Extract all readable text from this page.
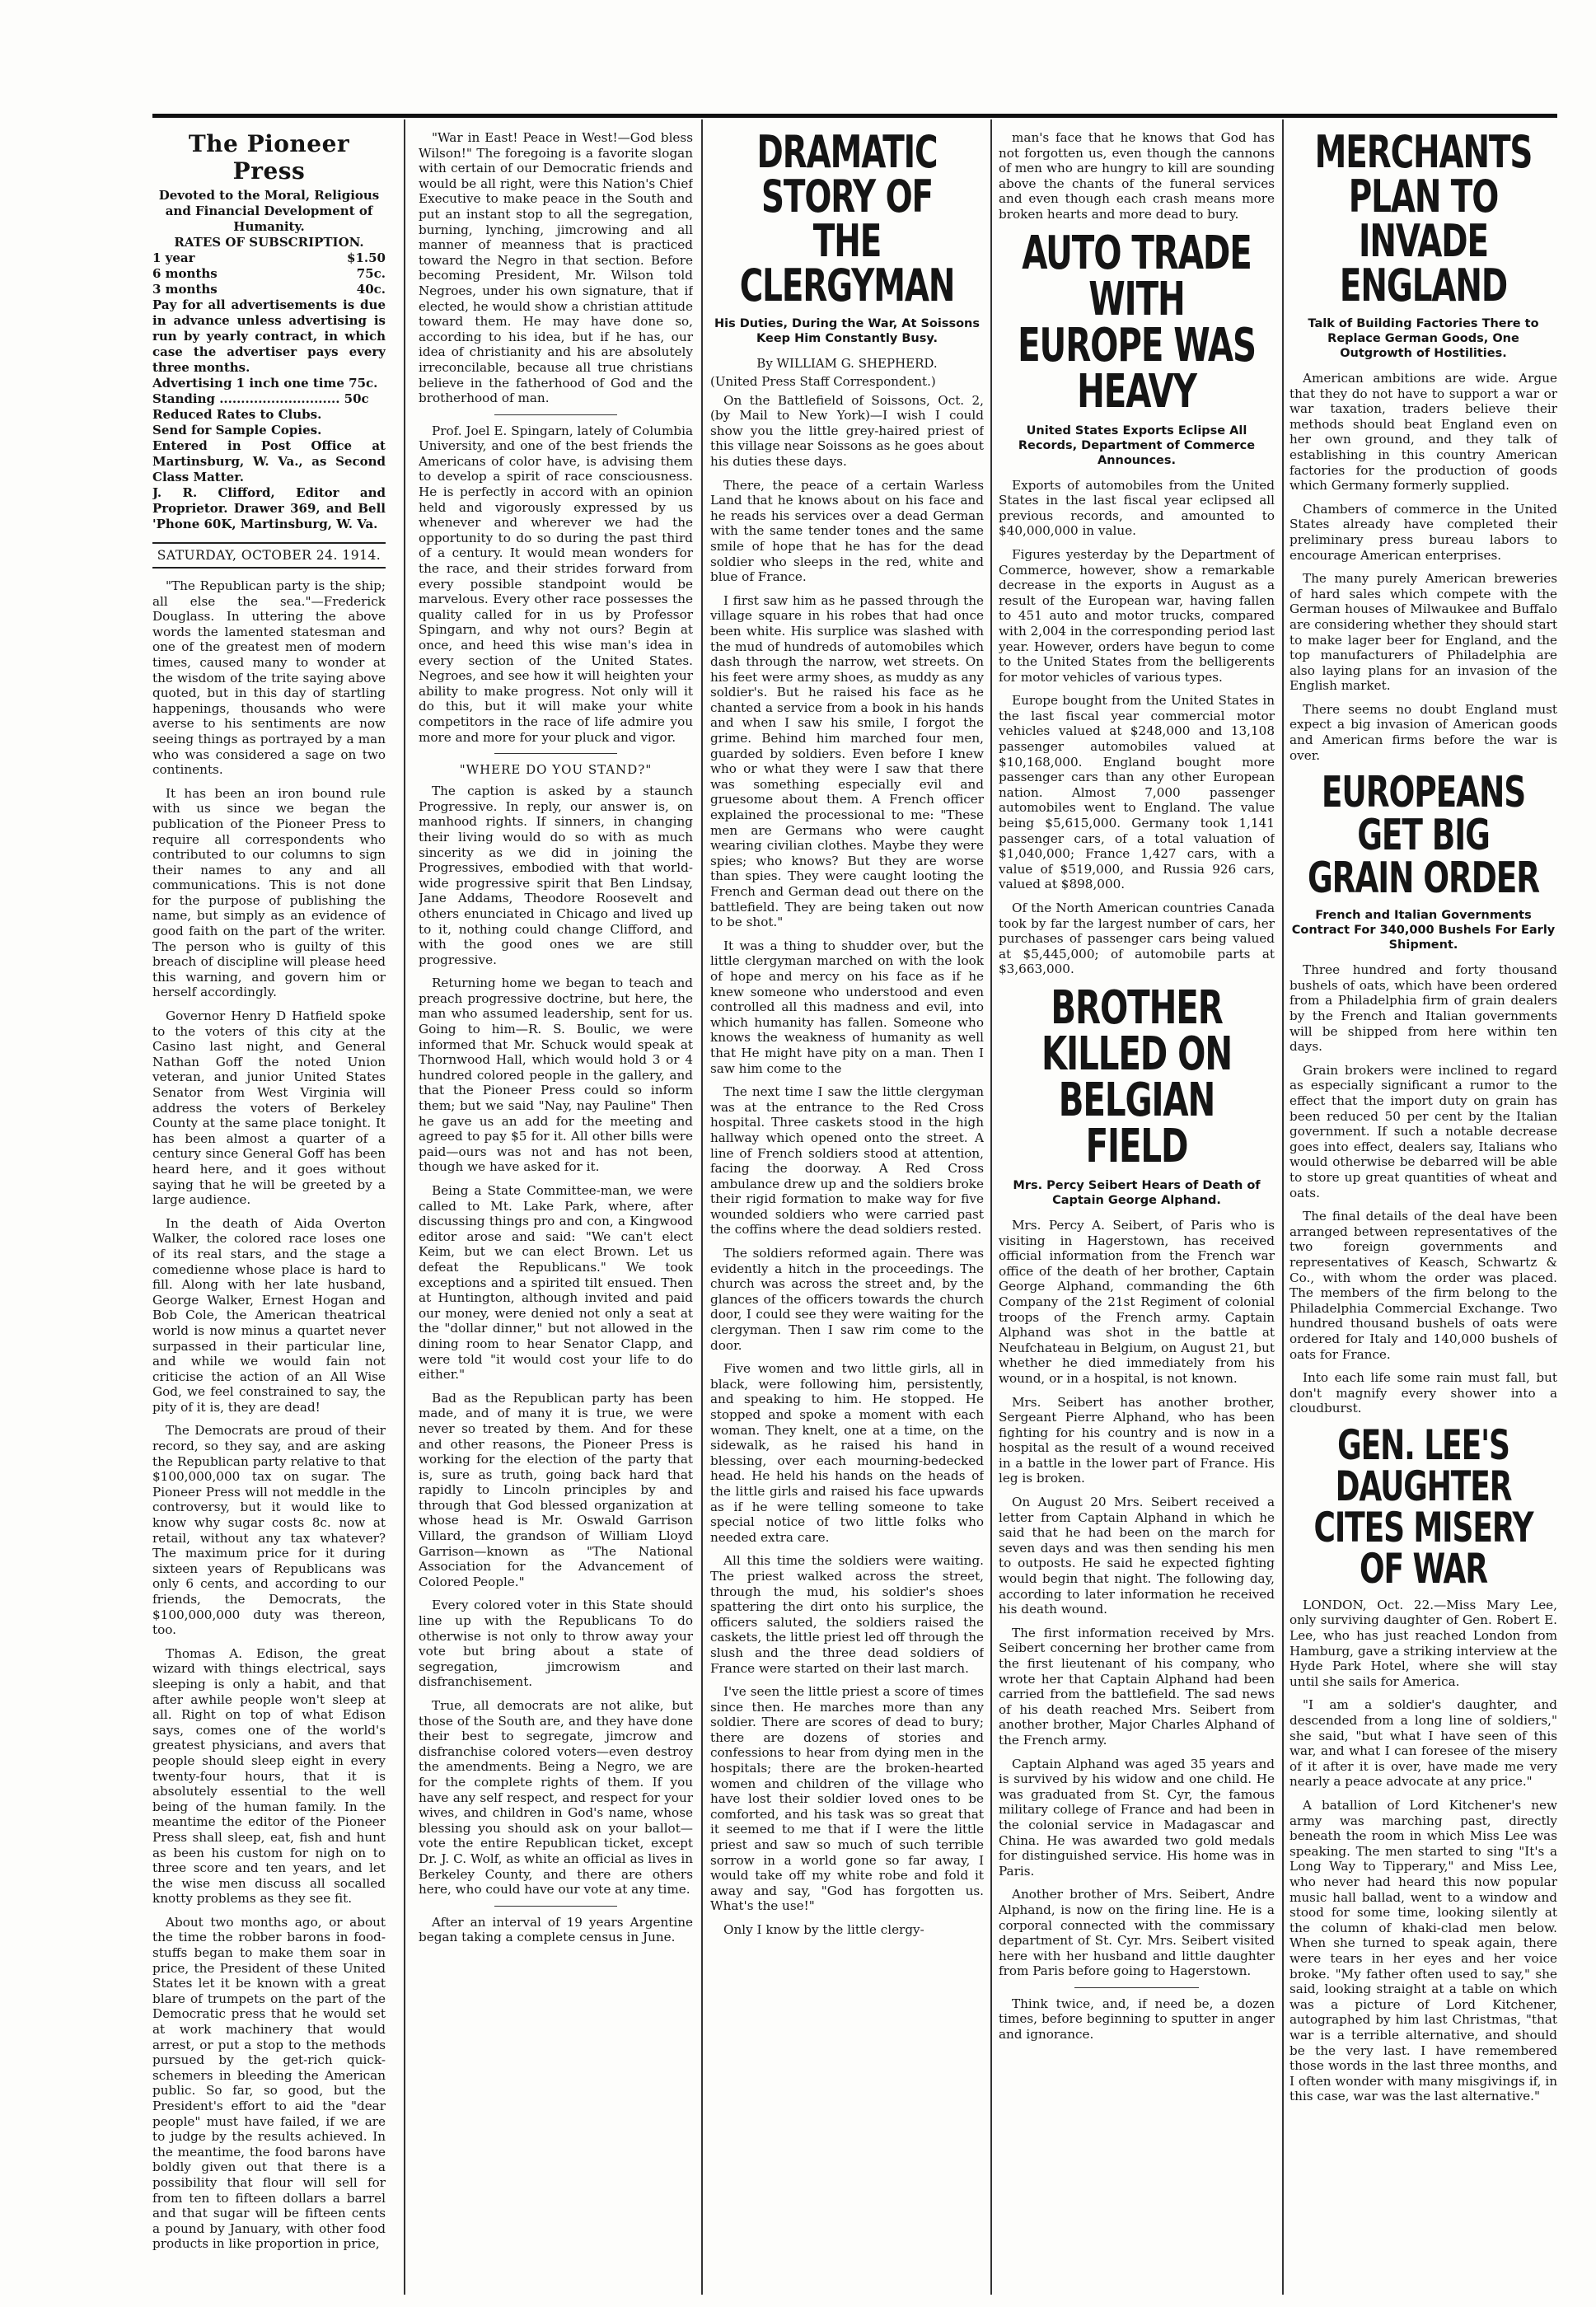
The Pioneer Press

Devoted to the Moral, Religious and Financial Development of Humanity.

RATES OF SUBSCRIPTION.

1 year	$1.50
6 months	75c.
3 months	40c.

Pay for all advertisements is due in advance unless advertising is run by yearly contract, in which case the advertiser pays every three months.

Advertising 1 inch one time 75c.

Standing ............................ 50c

Reduced Rates to Clubs.

Send for Sample Copies.

Entered in Post Office at Martinsburg, W. Va., as Second Class Matter.

J. R. Clifford, Editor and Proprietor. Drawer 369, and Bell 'Phone 60K, Martinsburg, W. Va.

SATURDAY, OCTOBER 24. 1914.

"The Republican party is the ship; all else the sea."—Frederick Douglass. In uttering the above words the lamented statesman and one of the greatest men of modern times, caused many to wonder at the wisdom of the trite saying above quoted, but in this day of startling happenings, thousands who were averse to his sentiments are now seeing things as portrayed by a man who was considered a sage on two continents.

It has been an iron bound rule with us since we began the publication of the Pioneer Press to require all correspondents who contributed to our columns to sign their names to any and all communications. This is not done for the purpose of publishing the name, but simply as an evidence of good faith on the part of the writer. The person who is guilty of this breach of discipline will please heed this warning, and govern him or herself accordingly.

Governor Henry D Hatfield spoke to the voters of this city at the Casino last night, and General Nathan Goff the noted Union veteran, and junior United States Senator from West Virginia will address the voters of Berkeley County at the same place tonight. It has been almost a quarter of a century since General Goff has been heard here, and it goes without saying that he will be greeted by a large audience.

In the death of Aida Overton Walker, the colored race loses one of its real stars, and the stage a comedienne whose place is hard to fill. Along with her late husband, George Walker, Ernest Hogan and Bob Cole, the American theatrical world is now minus a quartet never surpassed in their particular line, and while we would fain not criticise the action of an All Wise God, we feel constrained to say, the pity of it is, they are dead!

The Democrats are proud of their record, so they say, and are asking the Republican party relative to that $100,000,000 tax on sugar. The Pioneer Press will not meddle in the controversy, but it would like to know why sugar costs 8c. now at retail, without any tax whatever? The maximum price for it during sixteen years of Republicans was only 6 cents, and according to our friends, the Democrats, the $100,000,000 duty was thereon, too.

Thomas A. Edison, the great wizard with things electrical, says sleeping is only a habit, and that after awhile people won't sleep at all. Right on top of what Edison says, comes one of the world's greatest physicians, and avers that people should sleep eight in every twenty-four hours, that it is absolutely essential to the well being of the human family. In the meantime the editor of the Pioneer Press shall sleep, eat, fish and hunt as been his custom for nigh on to three score and ten years, and let the wise men discuss all socalled knotty problems as they see fit.

About two months ago, or about the time the robber barons in food-stuffs began to make them soar in price, the President of these United States let it be known with a great blare of trumpets on the part of the Democratic press that he would set at work machinery that would arrest, or put a stop to the methods pursued by the get-rich quick-schemers in bleeding the American public. So far, so good, but the President's effort to aid the "dear people" must have failed, if we are to judge by the results achieved. In the meantime, the food barons have boldly given out that there is a possibility that flour will sell for from ten to fifteen dollars a barrel and that sugar will be fifteen cents a pound by January, with other food products in like proportion in price,

"War in East! Peace in West!—God bless Wilson!" The foregoing is a favorite slogan with certain of our Democratic friends and would be all right, were this Nation's Chief Executive to make peace in the South and put an instant stop to all the segregation, burning, lynching, jimcrowing and all manner of meanness that is practiced toward the Negro in that section. Before becoming President, Mr. Wilson told Negroes, under his own signature, that if elected, he would show a christian attitude toward them. He may have done so, according to his idea, but if he has, our idea of christianity and his are absolutely irreconcilable, because all true christians believe in the fatherhood of God and the brotherhood of man.

Prof. Joel E. Spingarn, lately of Columbia University, and one of the best friends the Americans of color have, is advising them to develop a spirit of race consciousness. He is perfectly in accord with an opinion held and vigorously expressed by us whenever and wherever we had the opportunity to do so during the past third of a century. It would mean wonders for the race, and their strides forward from every possible standpoint would be marvelous. Every other race possesses the quality called for in us by Professor Spingarn, and why not ours? Begin at once, and heed this wise man's idea in every section of the United States. Negroes, and see how it will heighten your ability to make progress. Not only will it do this, but it will make your white competitors in the race of life admire you more and more for your pluck and vigor.

"WHERE DO YOU STAND?"

The caption is asked by a staunch Progressive. In reply, our answer is, on manhood rights. If sinners, in changing their living would do so with as much sincerity as we did in joining the Progressives, embodied with that world-wide progressive spirit that Ben Lindsay, Jane Addams, Theodore Roosevelt and others enunciated in Chicago and lived up to it, nothing could change Clifford, and with the good ones we are still progressive.

Returning home we began to teach and preach progressive doctrine, but here, the man who assumed leadership, sent for us. Going to him—R. S. Boulic, we were informed that Mr. Schuck would speak at Thornwood Hall, which would hold 3 or 4 hundred colored people in the gallery, and that the Pioneer Press could so inform them; but we said "Nay, nay Pauline" Then he gave us an add for the meeting and agreed to pay $5 for it. All other bills were paid—ours was not and has not been, though we have asked for it.

Being a State Committee-man, we were called to Mt. Lake Park, where, after discussing things pro and con, a Kingwood editor arose and said: "We can't elect Keim, but we can elect Brown. Let us defeat the Republicans." We took exceptions and a spirited tilt ensued. Then at Huntington, although invited and paid our money, were denied not only a seat at the "dollar dinner," but not allowed in the dining room to hear Senator Clapp, and were told "it would cost your life to do either."

Bad as the Republican party has been made, and of many it is true, we were never so treated by them. And for these and other reasons, the Pioneer Press is working for the election of the party that is, sure as truth, going back hard that rapidly to Lincoln principles by and through that God blessed organization at whose head is Mr. Oswald Garrison Villard, the grandson of William Lloyd Garrison—known as "The National Association for the Advancement of Colored People."

Every colored voter in this State should line up with the Republicans To do otherwise is not only to throw away your vote but bring about a state of segregation, jimcrowism and disfranchisement.

True, all democrats are not alike, but those of the South are, and they have done their best to segregate, jimcrow and disfranchise colored voters—even destroy the amendments. Being a Negro, we are for the complete rights of them. If you have any self respect, and respect for your wives, and children in God's name, whose blessing you should ask on your ballot—vote the entire Republican ticket, except Dr. J. C. Wolf, as white an official as lives in Berkeley County, and there are others here, who could have our vote at any time.

After an interval of 19 years Argentine began taking a complete census in June.

DRAMATIC STORY OF THE CLERGYMAN
His Duties, During the War, At Soissons Keep Him Constantly Busy.
By WILLIAM G. SHEPHERD.

(United Press Staff Correspondent.)

On the Battlefield of Soissons, Oct. 2, (by Mail to New York)—I wish I could show you the little grey-haired priest of this village near Soissons as he goes about his duties these days.

There, the peace of a certain Warless Land that he knows about on his face and he reads his services over a dead German with the same tender tones and the same smile of hope that he has for the dead soldier who sleeps in the red, white and blue of France.

I first saw him as he passed through the village square in his robes that had once been white. His surplice was slashed with the mud of hundreds of automobiles which dash through the narrow, wet streets. On his feet were army shoes, as muddy as any soldier's. But he raised his face as he chanted a service from a book in his hands and when I saw his smile, I forgot the grime. Behind him marched four men, guarded by soldiers. Even before I knew who or what they were I saw that there was something especially evil and gruesome about them. A French officer explained the processional to me: "These men are Germans who were caught wearing civilian clothes. Maybe they were spies; who knows? But they are worse than spies. They were caught looting the French and German dead out there on the battlefield. They are being taken out now to be shot."

It was a thing to shudder over, but the little clergyman marched on with the look of hope and mercy on his face as if he knew someone who understood and even controlled all this madness and evil, into which humanity has fallen. Someone who knows the weakness of humanity as well that He might have pity on a man. Then I saw him come to the

The next time I saw the little clergyman was at the entrance to the Red Cross hospital. Three caskets stood in the high hallway which opened onto the street. A line of French soldiers stood at attention, facing the doorway. A Red Cross ambulance drew up and the soldiers broke their rigid formation to make way for five wounded soldiers who were carried past the coffins where the dead soldiers rested.

The soldiers reformed again. There was evidently a hitch in the proceedings. The church was across the street and, by the glances of the officers towards the church door, I could see they were waiting for the clergyman. Then I saw rim come to the door.

Five women and two little girls, all in black, were following him, persistently, and speaking to him. He stopped. He stopped and spoke a moment with each woman. They knelt, one at a time, on the sidewalk, as he raised his hand in blessing, over each mourning-bedecked head. He held his hands on the heads of the little girls and raised his face upwards as if he were telling someone to take special notice of two little folks who needed extra care.

All this time the soldiers were waiting. The priest walked across the street, through the mud, his soldier's shoes spattering the dirt onto his surplice, the officers saluted, the soldiers raised the caskets, the little priest led off through the slush and the three dead soldiers of France were started on their last march.

I've seen the little priest a score of times since then. He marches more than any soldier. There are scores of dead to bury; there are dozens of stories and confessions to hear from dying men in the hospitals; there are the broken-hearted women and children of the village who have lost their soldier loved ones to be comforted, and his task was so great that it seemed to me that if I were the little priest and saw so much of such terrible sorrow in a world gone so far away, I would take off my white robe and fold it away and say, "God has forgotten us. What's the use!"

Only I know by the little clergy-

man's face that he knows that God has not forgotten us, even though the cannons of men who are hungry to kill are sounding above the chants of the funeral services and even though each crash means more broken hearts and more dead to bury.

AUTO TRADE WITH EUROPE WAS HEAVY
United States Exports Eclipse All Records, Department of Commerce Announces.

Exports of automobiles from the United States in the last fiscal year eclipsed all previous records, and amounted to $40,000,000 in value.

Figures yesterday by the Department of Commerce, however, show a remarkable decrease in the exports in August as a result of the European war, having fallen to 451 auto and motor trucks, compared with 2,004 in the corresponding period last year. However, orders have begun to come to the United States from the belligerents for motor vehicles of various types.

Europe bought from the United States in the last fiscal year commercial motor vehicles valued at $248,000 and 13,108 passenger automobiles valued at $10,168,000. England bought more passenger cars than any other European nation. Almost 7,000 passenger automobiles went to England. The value being $5,615,000. Germany took 1,141 passenger cars, of a total valuation of $1,040,000; France 1,427 cars, with a value of $519,000, and Russia 926 cars, valued at $898,000.

Of the North American countries Canada took by far the largest number of cars, her purchases of passenger cars being valued at $5,445,000; of automobile parts at $3,663,000.

BROTHER KILLED ON BELGIAN FIELD
Mrs. Percy Seibert Hears of Death of Captain George Alphand.

Mrs. Percy A. Seibert, of Paris who is visiting in Hagerstown, has received official information from the French war office of the death of her brother, Captain George Alphand, commanding the 6th Company of the 21st Regiment of colonial troops of the French army. Captain Alphand was shot in the battle at Neufchateau in Belgium, on August 21, but whether he died immediately from his wound, or in a hospital, is not known.

Mrs. Seibert has another brother, Sergeant Pierre Alphand, who has been fighting for his country and is now in a hospital as the result of a wound received in a battle in the lower part of France. His leg is broken.

On August 20 Mrs. Seibert received a letter from Captain Alphand in which he said that he had been on the march for seven days and was then sending his men to outposts. He said he expected fighting would begin that night. The following day, according to later information he received his death wound.

The first information received by Mrs. Seibert concerning her brother came from the first lieutenant of his company, who wrote her that Captain Alphand had been carried from the battlefield. The sad news of his death reached Mrs. Seibert from another brother, Major Charles Alphand of the French army.

Captain Alphand was aged 35 years and is survived by his widow and one child. He was graduated from St. Cyr, the famous military college of France and had been in the colonial service in Madagascar and China. He was awarded two gold medals for distinguished service. His home was in Paris.

Another brother of Mrs. Seibert, Andre Alphand, is now on the firing line. He is a corporal connected with the commissary department of St. Cyr. Mrs. Seibert visited here with her husband and little daughter from Paris before going to Hagerstown.

Think twice, and, if need be, a dozen times, before beginning to sputter in anger and ignorance.

MERCHANTS PLAN TO INVADE ENGLAND
Talk of Building Factories There to Replace German Goods, One Outgrowth of Hostilities.

American ambitions are wide. Argue that they do not have to support a war or war taxation, traders believe their methods should beat England even on her own ground, and they talk of establishing in this country American factories for the production of goods which Germany formerly supplied.

Chambers of commerce in the United States already have completed their preliminary press bureau labors to encourage American enterprises.

The many purely American breweries of hard sales which compete with the German houses of Milwaukee and Buffalo are considering whether they should start to make lager beer for England, and the top manufacturers of Philadelphia are also laying plans for an invasion of the English market.

There seems no doubt England must expect a big invasion of American goods and American firms before the war is over.

EUROPEANS GET BIG GRAIN ORDER
French and Italian Governments Contract For 340,000 Bushels For Early Shipment.

Three hundred and forty thousand bushels of oats, which have been ordered from a Philadelphia firm of grain dealers by the French and Italian governments will be shipped from here within ten days.

Grain brokers were inclined to regard as especially significant a rumor to the effect that the import duty on grain has been reduced 50 per cent by the Italian government. If such a notable decrease goes into effect, dealers say, Italians who would otherwise be debarred will be able to store up great quantities of wheat and oats.

The final details of the deal have been arranged between representatives of the two foreign governments and representatives of Keasch, Schwartz & Co., with whom the order was placed. The members of the firm belong to the Philadelphia Commercial Exchange. Two hundred thousand bushels of oats were ordered for Italy and 140,000 bushels of oats for France.

Into each life some rain must fall, but don't magnify every shower into a cloudburst.

GEN. LEE'S DAUGHTER CITES MISERY OF WAR

LONDON, Oct. 22.—Miss Mary Lee, only surviving daughter of Gen. Robert E. Lee, who has just reached London from Hamburg, gave a striking interview at the Hyde Park Hotel, where she will stay until she sails for America.

"I am a soldier's daughter, and descended from a long line of soldiers," she said, "but what I have seen of this war, and what I can foresee of the misery of it after it is over, have made me very nearly a peace advocate at any price."

A batallion of Lord Kitchener's new army was marching past, directly beneath the room in which Miss Lee was speaking. The men started to sing "It's a Long Way to Tipperary," and Miss Lee, who never had heard this now popular music hall ballad, went to a window and stood for some time, looking silently at the column of khaki-clad men below. When she turned to speak again, there were tears in her eyes and her voice broke. "My father often used to say," she said, looking straight at a table on which was a picture of Lord Kitchener, autographed by him last Christmas, "that war is a terrible alternative, and should be the very last. I have remembered those words in the last three months, and I often wonder with many misgivings if, in this case, war was the last alternative."
